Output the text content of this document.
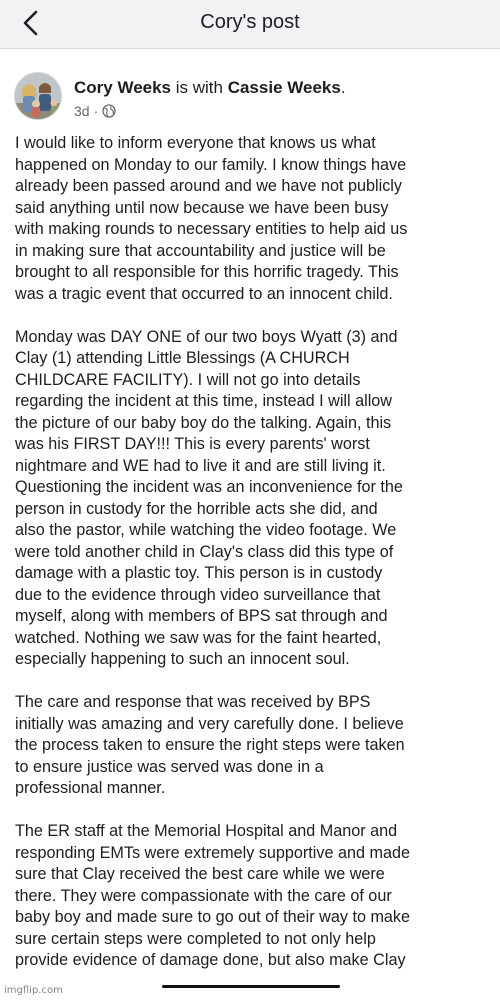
Cory's post
Cory Weeks is with Cassie Weeks.
3d ·

I would like to inform everyone that knows us what
happened on Monday to our family. I know things have
already been passed around and we have not publicly
said anything until now because we have been busy
with making rounds to necessary entities to help aid us
in making sure that accountability and justice will be
brought to all responsible for this horrific tragedy. This
was a tragic event that occurred to an innocent child.

Monday was DAY ONE of our two boys Wyatt (3) and
Clay (1) attending Little Blessings (A CHURCH
CHILDCARE FACILITY). I will not go into details
regarding the incident at this time, instead I will allow
the picture of our baby boy do the talking. Again, this
was his FIRST DAY!!! This is every parents' worst
nightmare and WE had to live it and are still living it.
Questioning the incident was an inconvenience for the
person in custody for the horrible acts she did, and
also the pastor, while watching the video footage. We
were told another child in Clay's class did this type of
damage with a plastic toy. This person is in custody
due to the evidence through video surveillance that
myself, along with members of BPS sat through and
watched. Nothing we saw was for the faint hearted,
especially happening to such an innocent soul.

The care and response that was received by BPS
initially was amazing and very carefully done. I believe
the process taken to ensure the right steps were taken
to ensure justice was served was done in a
professional manner.

The ER staff at the Memorial Hospital and Manor and
responding EMTs were extremely supportive and made
sure that Clay received the best care while we were
there. They were compassionate with the care of our
baby boy and made sure to go out of their way to make
sure certain steps were completed to not only help
provide evidence of damage done, but also make Clay

imgflip.com
